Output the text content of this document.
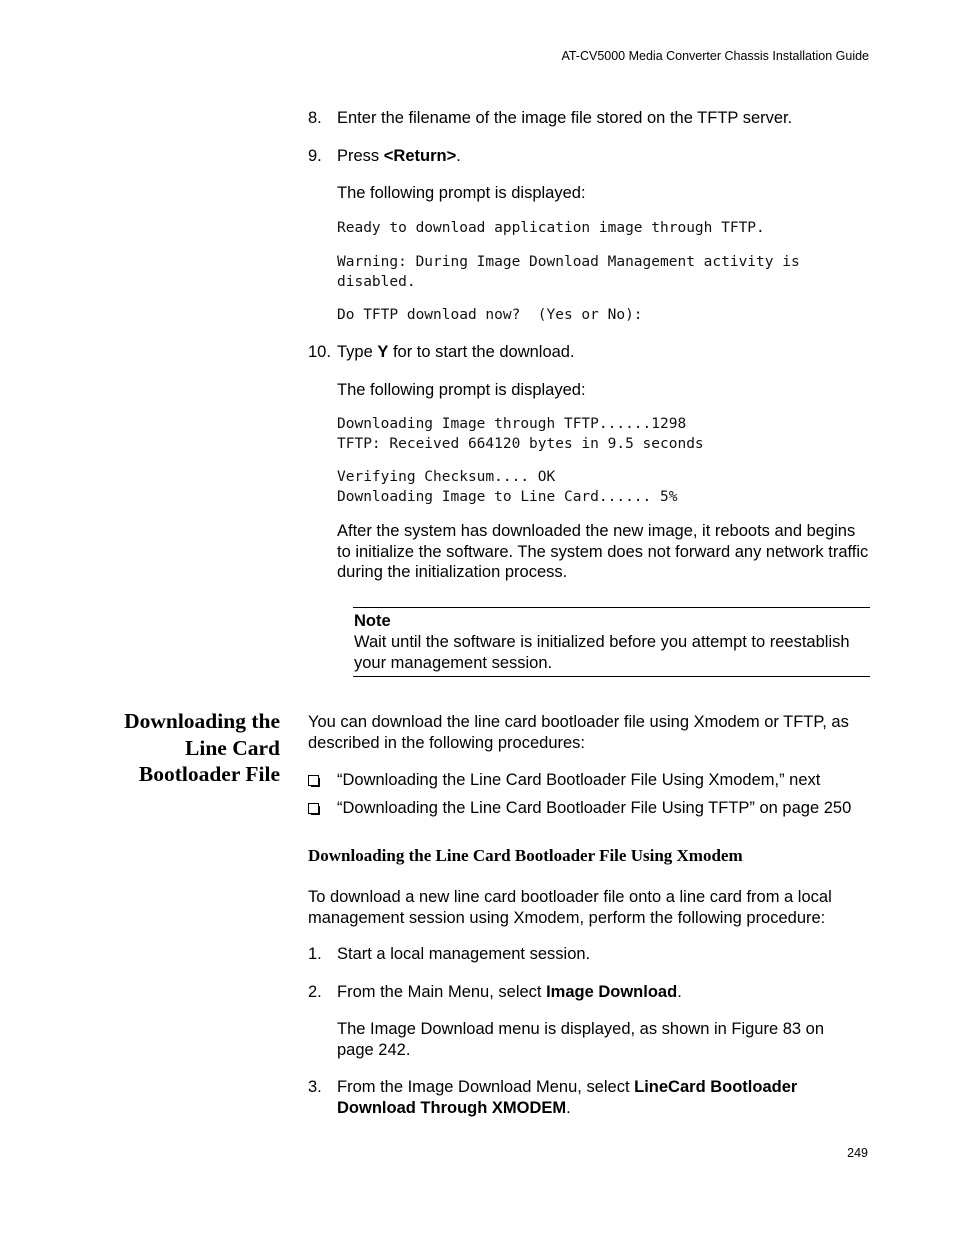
AT-CV5000 Media Converter Chassis Installation Guide
8. Enter the filename of the image file stored on the TFTP server.
9. Press <Return>.
The following prompt is displayed:
Ready to download application image through TFTP.
Warning: During Image Download Management activity is
disabled.
Do TFTP download now?  (Yes or No):
10. Type Y for to start the download.
The following prompt is displayed:
Downloading Image through TFTP......1298
TFTP: Received 664120 bytes in 9.5 seconds
Verifying Checksum.... OK
Downloading Image to Line Card...... 5%
After the system has downloaded the new image, it reboots and begins to initialize the software. The system does not forward any network traffic during the initialization process.
Note
Wait until the software is initialized before you attempt to reestablish your management session.
Downloading the
Line Card
Bootloader File
You can download the line card bootloader file using Xmodem or TFTP, as described in the following procedures:
“Downloading the Line Card Bootloader File Using Xmodem,” next
“Downloading the Line Card Bootloader File Using TFTP” on page 250
Downloading the Line Card Bootloader File Using Xmodem
To download a new line card bootloader file onto a line card from a local management session using Xmodem, perform the following procedure:
1. Start a local management session.
2. From the Main Menu, select Image Download.
The Image Download menu is displayed, as shown in Figure 83 on page 242.
3. From the Image Download Menu, select LineCard Bootloader Download Through XMODEM.
249
